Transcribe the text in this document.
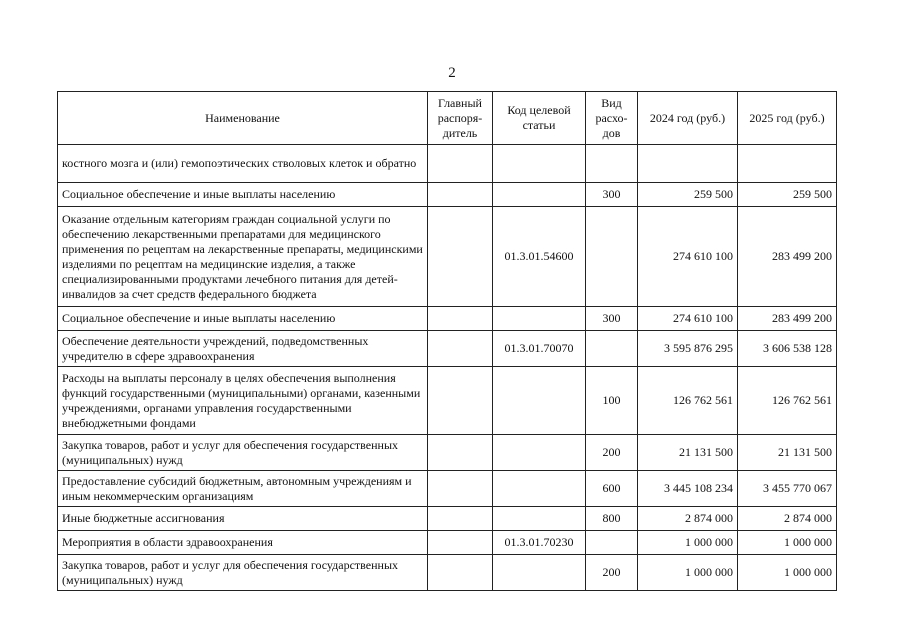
2
Наименование	Главный распоря-дитель	Код целевой статьи	Вид расхо-дов	2024 год (руб.)	2025 год (руб.)
костного мозга и (или) гемопоэтических стволовых клеток и обратно					
Социальное обеспечение и иные выплаты населению			300	259 500	259 500
Оказание отдельным категориям граждан социальной услуги по обеспечению лекарственными препаратами для медицинского применения по рецептам на лекарственные препараты, медицинскими изделиями по рецептам на медицинские изделия, а также специализированными продуктами лечебного питания для детей-инвалидов за счет средств федерального бюджета		01.3.01.54600		274 610 100	283 499 200
Социальное обеспечение и иные выплаты населению			300	274 610 100	283 499 200
Обеспечение деятельности учреждений, подведомственных учредителю в сфере здравоохранения		01.3.01.70070		3 595 876 295	3 606 538 128
Расходы на выплаты персоналу в целях обеспечения выполнения функций государственными (муниципальными) органами, казенными учреждениями, органами управления государственными внебюджетными фондами			100	126 762 561	126 762 561
Закупка товаров, работ и услуг для обеспечения государственных (муниципальных) нужд			200	21 131 500	21 131 500
Предоставление субсидий бюджетным, автономным учреждениям и иным некоммерческим организациям			600	3 445 108 234	3 455 770 067
Иные бюджетные ассигнования			800	2 874 000	2 874 000
Мероприятия в области здравоохранения		01.3.01.70230		1 000 000	1 000 000
Закупка товаров, работ и услуг для обеспечения государственных (муниципальных) нужд			200	1 000 000	1 000 000
